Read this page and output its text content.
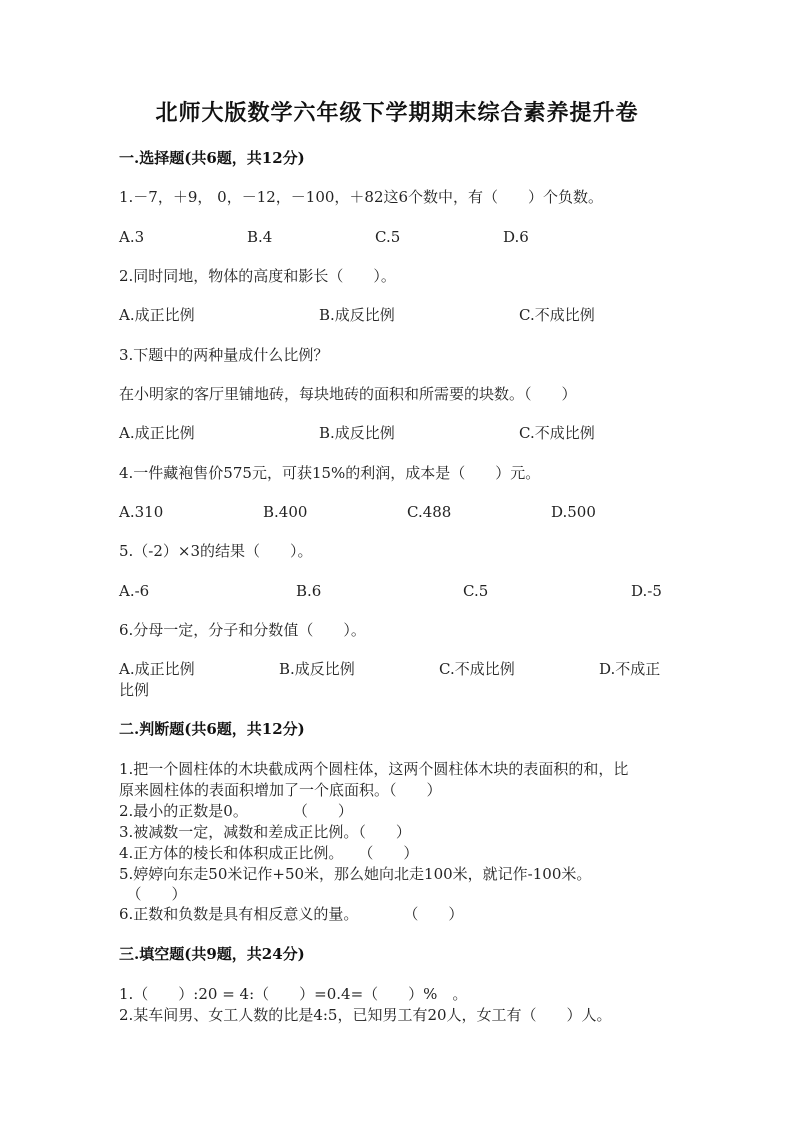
北师大版数学六年级下学期期末综合素养提升卷
一.选择题(共6题，共12分)
1.－7，＋9， 0，－12，－100，＋82这6个数中，有（　　）个负数。
A.3	B.4	C.5	D.6
2.同时同地，物体的高度和影长（　　）。
A.成正比例	B.成反比例	C.不成比例
3.下题中的两种量成什么比例？
在小明家的客厅里铺地砖，每块地砖的面积和所需要的块数。（　　）
A.成正比例	B.成反比例	C.不成比例
4.一件藏袍售价575元，可获15%的利润，成本是（　　）元。
A.310	B.400	C.488	D.500
5.（-2）×3的结果（　　）。
A.-6	B.6	C.5	D.-5
6.分母一定，分子和分数值（　　）。
A.成正比例	B.成反比例	C.不成比例	D.不成正
比例
二.判断题(共6题，共12分)
1.把一个圆柱体的木块截成两个圆柱体，这两个圆柱体木块的表面积的和，比
原来圆柱体的表面积增加了一个底面积。（　　）
2.最小的正数是0。　　　　（　　）
3.被减数一定，减数和差成正比例。（　　）
4.正方体的棱长和体积成正比例。　　（　　）
5.婷婷向东走50米记作+50米，那么她向北走100米，就记作-100米。
　（　　）
6.正数和负数是具有相反意义的量。　　　　（　　）
三.填空题(共9题，共24分)
1.（　　）:20 = 4:（　　）=0.4=（　　）%　。
2.某车间男、女工人数的比是4:5，已知男工有20人，女工有（　　）人。
